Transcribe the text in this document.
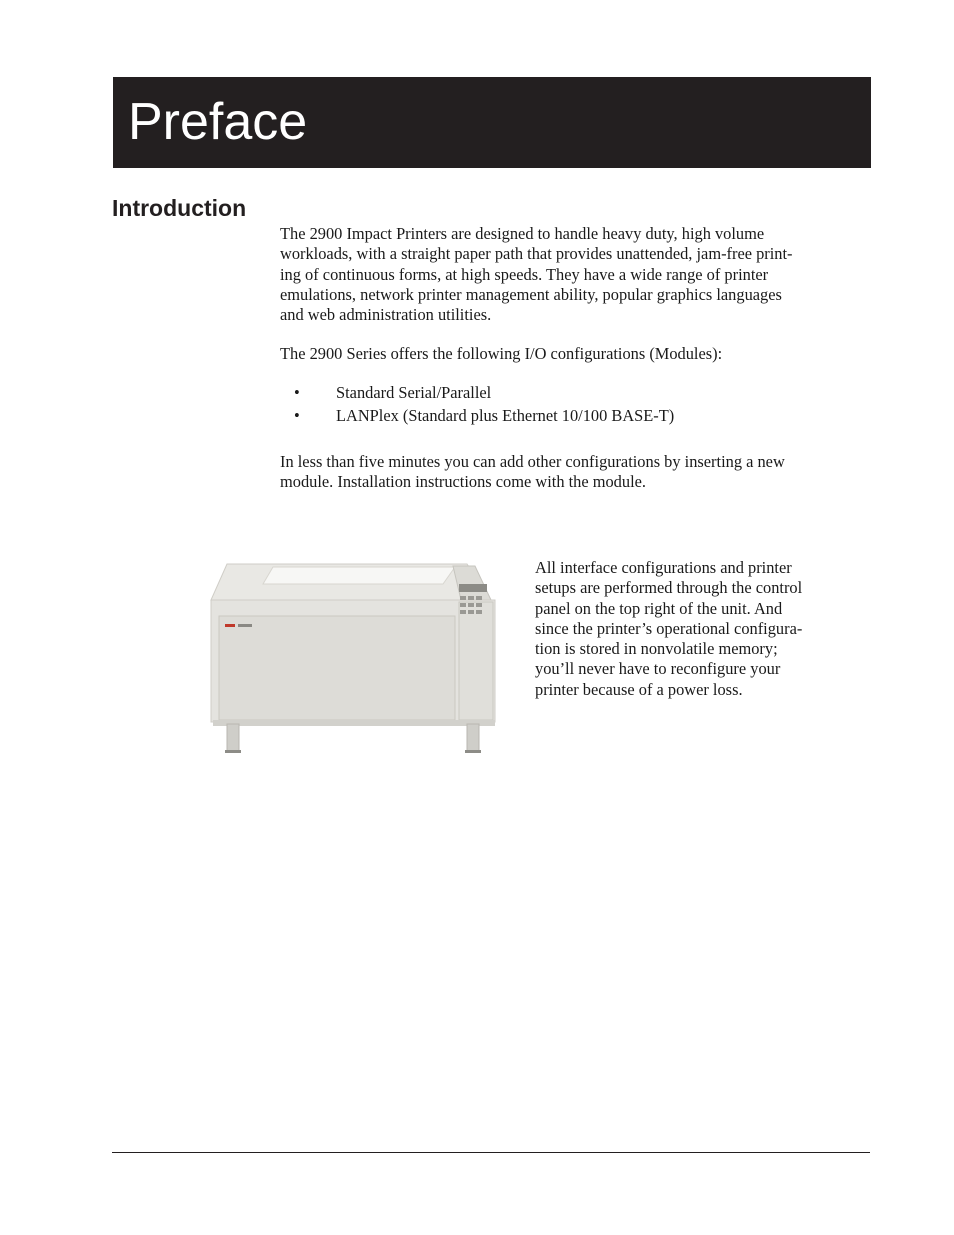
Preface
Introduction

The 2900 Impact Printers are designed to handle heavy duty, high volume
workloads, with a straight paper path that provides unattended, jam-free print-
ing of continuous forms, at high speeds. They have a wide range of printer
emulations, network printer management ability, popular graphics languages
and web administration utilities.

The 2900 Series offers the following I/O configurations (Modules):

• Standard Serial/Parallel
• LANPlex (Standard plus Ethernet 10/100 BASE-T)

In less than five minutes you can add other configurations by inserting a new
module. Installation instructions come with the module.

All interface configurations and printer
setups are performed through the control
panel on the top right of the unit. And
since the printer’s operational configura-
tion is stored in nonvolatile memory;
you’ll never have to reconfigure your
printer because of a power loss.
